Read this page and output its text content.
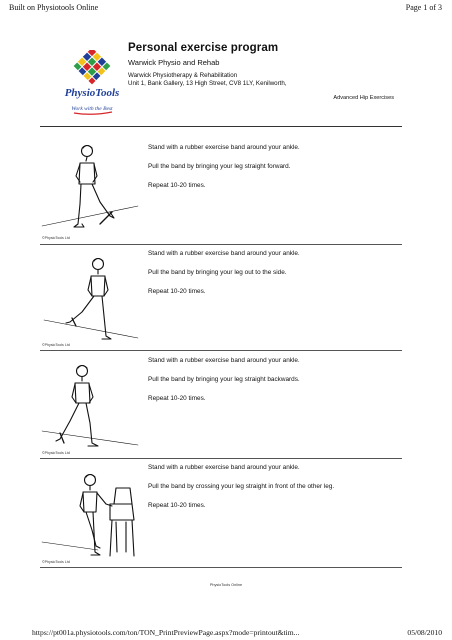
Built on Physiotools Online	Page 1 of 3
PhysioTools
Work with the Best
Personal exercise program
Warwick Physio and Rehab
Warwick Physiotherapy & Rehabilitation
Unit 1, Bank Gallery, 13 High Street, CV8 1LY, Kenilworth,
Advanced Hip Exercises
©PhysioTools Ltd

Stand with a rubber exercise band around your ankle.

Pull the band by bringing your leg straight forward.

Repeat 10-20 times.

©PhysioTools Ltd

Stand with a rubber exercise band around your ankle.

Pull the band by bringing your leg out to the side.

Repeat 10-20 times.

©PhysioTools Ltd

Stand with a rubber exercise band around your ankle.

Pull the band by bringing your leg straight backwards.

Repeat 10-20 times.

©PhysioTools Ltd

Stand with a rubber exercise band around your ankle.

Pull the band by crossing your leg straight in front of the other leg.

Repeat 10-20 times.

PhysioTools Online
https://pt001a.physiotools.com/ton/TON_PrintPreviewPage.aspx?mode=printout&tim...	05/08/2010
